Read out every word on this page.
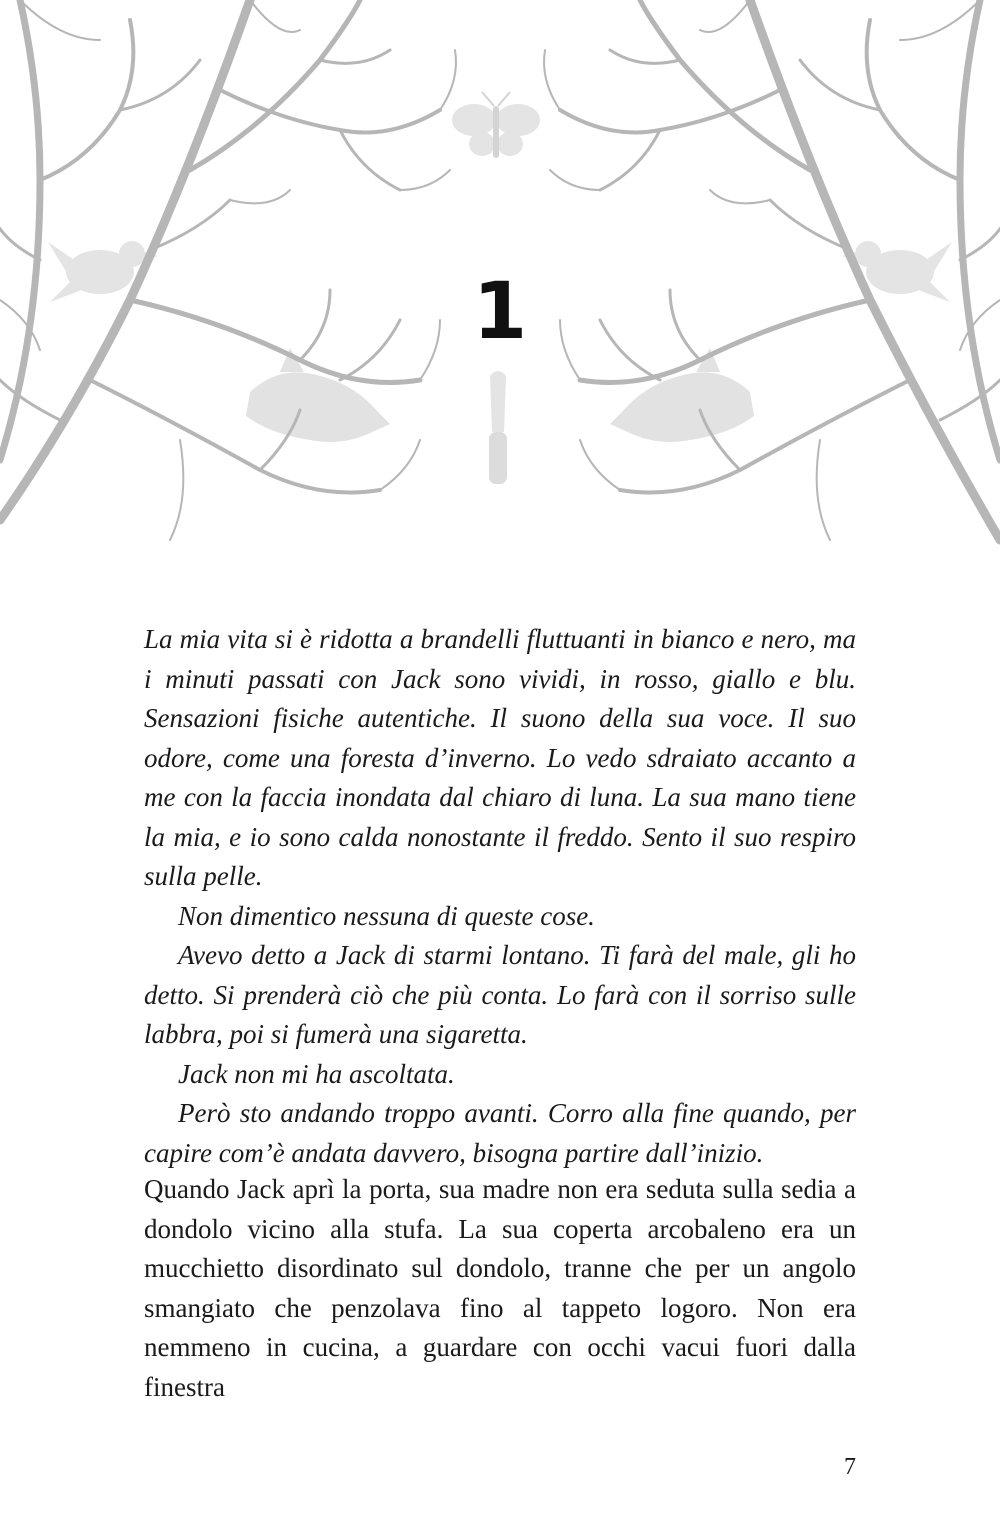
1

La mia vita si è ridotta a brandelli fluttuanti in bianco e nero, ma i minuti passati con Jack sono vividi, in rosso, giallo e blu. Sensazioni fisiche autentiche. Il suono della sua voce. Il suo odore, come una foresta d’inverno. Lo vedo sdraiato accanto a me con la faccia inondata dal chiaro di luna. La sua mano tiene la mia, e io sono calda nonostante il freddo. Sento il suo respiro sulla pelle.

Non dimentico nessuna di queste cose.

Avevo detto a Jack di starmi lontano. Ti farà del male, gli ho detto. Si prenderà ciò che più conta. Lo farà con il sorriso sulle labbra, poi si fumerà una sigaretta.

Jack non mi ha ascoltata.

Però sto andando troppo avanti. Corro alla fine quando, per capire com’è andata davvero, bisogna partire dall’inizio.

Quando Jack aprì la porta, sua madre non era seduta sulla sedia a dondolo vicino alla stufa. La sua coperta arcobaleno era un mucchietto disordinato sul dondolo, tranne che per un angolo smangiato che penzolava fino al tappeto logoro. Non era nemmeno in cucina, a guardare con occhi vacui fuori dalla finestra

7
